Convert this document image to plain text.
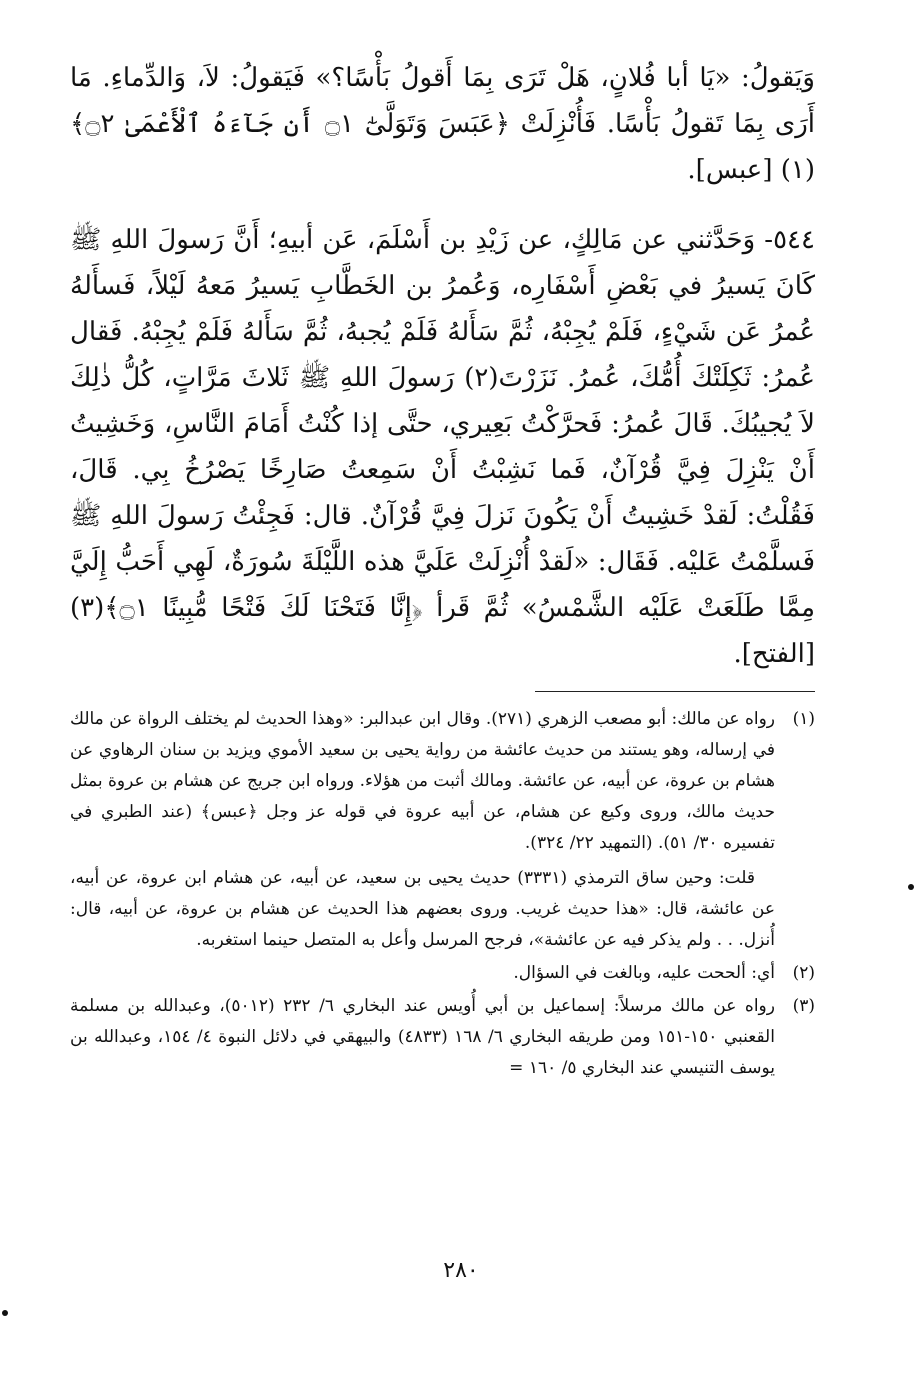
وَيَقولُ: «يَا أبا فُلانٍ، هَلْ تَرَى بِمَا أَقولُ بَأْسًا؟» فَيَقولُ: لاَ، وَالدِّماءِ. مَا أَرَى بِمَا تَقولُ بَأْسًا. فَأُنْزِلَتْ ﴿عَبَسَ وَتَوَلَّىٰٓ ۝١ أَن جَآءَهُ ٱلْأَعْمَىٰ ۝٢﴾(١) [عبس].

٥٤٤- وَحَدَّثني عن مَالِكٍ، عن زَيْدِ بن أَسْلَمَ، عَن أبيهِ؛ أَنَّ رَسولَ اللهِ ﷺ كَانَ يَسيرُ في بَعْضِ أَسْفَارِه، وَعُمرُ بن الخَطَّابِ يَسيرُ مَعهُ لَيْلاً، فَسأَلهُ عُمرُ عَن شَيْءٍ، فَلَمْ يُجِبْهُ، ثُمَّ سَأَلهُ فَلَمْ يُجبهُ، ثُمَّ سَأَلهُ فَلَمْ يُجِبْهُ. فَقال عُمرُ: ثَكِلَتْكَ أُمُّكَ، عُمرُ. نَزَرْتَ(٢) رَسولَ اللهِ ﷺ ثَلاثَ مَرَّاتٍ، كُلُّ ذٰلِكَ لاَ يُجيبُكَ. قَالَ عُمرُ: فَحرَّكْتُ بَعِيري، حتَّى إذا كُنْتُ أَمَامَ النَّاسِ، وَخَشِيتُ أَنْ يَنْزِلَ فِيَّ قُرْآنٌ، فَما نَشِبْتُ أَنْ سَمِعتُ صَارِخًا يَصْرُخُ بِي. قَالَ، فَقُلْتُ: لَقدْ خَشِيتُ أَنْ يَكُونَ نَزلَ فِيَّ قُرْآنٌ. قال: فَجِئْتُ رَسولَ اللهِ ﷺ فَسلَّمْتُ عَليْه. فَقَال: «لَقدْ أُنْزِلَتْ عَلَيَّ هذه اللَّيْلَةَ سُورَةٌ، لَهِي أَحَبُّ إِلَيَّ مِمَّا طَلَعَتْ عَلَيْه الشَّمْسُ» ثُمَّ قَرأ ﴿إِنَّا فَتَحْنَا لَكَ فَتْحًا مُّبِينًا ۝١﴾(٣) [الفتح].

(١)

رواه عن مالك: أبو مصعب الزهري (٢٧١). وقال ابن عبدالبر: «وهذا الحديث لم يختلف الرواة عن مالك في إرساله، وهو يستند من حديث عائشة من رواية يحيى بن سعيد الأموي ويزيد بن سنان الرهاوي عن هشام بن عروة، عن أبيه، عن عائشة. ومالك أثبت من هؤلاء. ورواه ابن جريج عن هشام بن عروة بمثل حديث مالك، وروى وكيع عن هشام، عن أبيه عروة في قوله عز وجل ﴿عبس﴾ (عند الطبري في تفسيره ٣٠/ ٥١). (التمهيد ٢٢/ ٣٢٤).

قلت: وحين ساق الترمذي (٣٣٣١) حديث يحيى بن سعيد، عن أبيه، عن هشام ابن عروة، عن أبيه، عن عائشة، قال: «هذا حديث غريب. وروى بعضهم هذا الحديث عن هشام بن عروة، عن أبيه، قال: أُنزل. . . ولم يذكر فيه عن عائشة»، فرجح المرسل وأعل به المتصل حينما استغربه.

(٢)

أي: ألححت عليه، وبالغت في السؤال.

(٣)

رواه عن مالك مرسلاً: إسماعيل بن أبي أُويس عند البخاري ٦/ ٢٣٢ (٥٠١٢)، وعبدالله بن مسلمة القعنبي ١٥٠-١٥١ ومن طريقه البخاري ٦/ ١٦٨ (٤٨٣٣) والبيهقي في دلائل النبوة ٤/ ١٥٤، وعبدالله بن يوسف التنيسي عند البخاري ٥/ ١٦٠ =

٢٨٠
